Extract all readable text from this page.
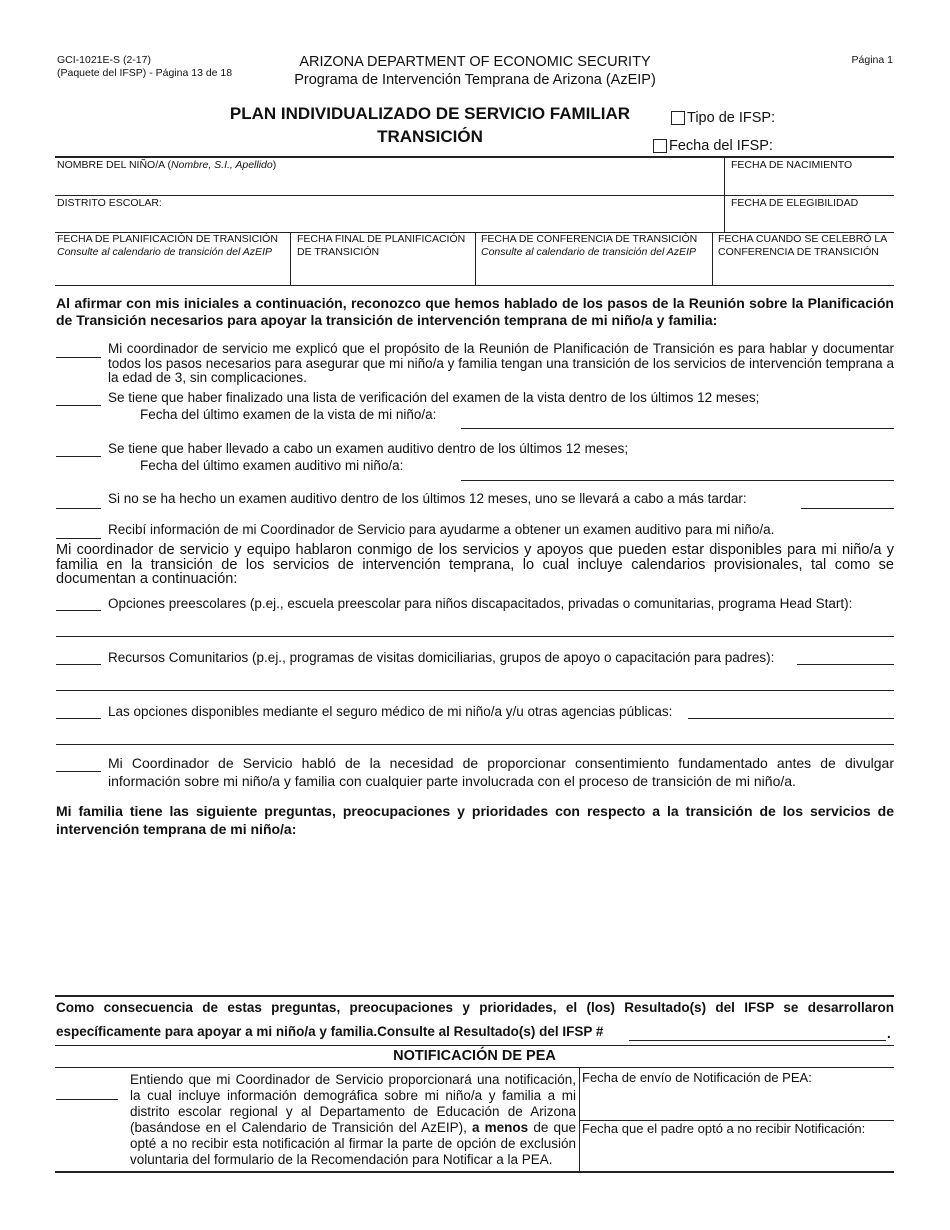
GCI-1021E-S (2-17)
(Paquete del IFSP) - Página 13 de 18
ARIZONA DEPARTMENT OF ECONOMIC SECURITY
Programa de Intervención Temprana de Arizona (AzEIP)
Página 1
PLAN INDIVIDUALIZADO DE SERVICIO FAMILIAR
TRANSICIÓN
Tipo de IFSP:
Fecha del IFSP:
NOMBRE DEL NIÑO/A (Nombre, S.I., Apellido)	FECHA DE NACIMIENTO
DISTRITO ESCOLAR:	FECHA DE ELEGIBILIDAD
FECHA DE PLANIFICACIÓN DE TRANSICIÓN
Consulte al calendario de transición del AzEIP
FECHA FINAL DE PLANIFICACIÓN DE TRANSICIÓN
FECHA DE CONFERENCIA DE TRANSICIÓN
Consulte al calendario de transición del AzEIP
FECHA CUANDO SE CELEBRÓ LA CONFERENCIA DE TRANSICIÓN
Al afirmar con mis iniciales a continuación, reconozco que hemos hablado de los pasos de la Reunión sobre la Planificación de Transición necesarios para apoyar la transición de intervención temprana de mi niño/a y familia:
Mi coordinador de servicio me explicó que el propósito de la Reunión de Planificación de Transición es para hablar y documentar todos los pasos necesarios para asegurar que mi niño/a y familia tengan una transición de los servicios de intervención temprana a la edad de 3, sin complicaciones.
Se tiene que haber finalizado una lista de verificación del examen de la vista dentro de los últimos 12 meses;
Fecha del último examen de la vista de mi niño/a:
Se tiene que haber llevado a cabo un examen auditivo dentro de los últimos 12 meses;
Fecha del último examen auditivo mi niño/a:
Si no se ha hecho un examen auditivo dentro de los últimos 12 meses, uno se llevará a cabo a más tardar:
Recibí información de mi Coordinador de Servicio para ayudarme a obtener un examen auditivo para mi niño/a.
Mi coordinador de servicio y equipo hablaron conmigo de los servicios y apoyos que pueden estar disponibles para mi niño/a y familia en la transición de los servicios de intervención temprana, lo cual incluye calendarios provisionales, tal como se documentan a continuación:
Opciones preescolares (p.ej., escuela preescolar para niños discapacitados, privadas o comunitarias, programa Head Start):
Recursos Comunitarios (p.ej., programas de visitas domiciliarias, grupos de apoyo o capacitación para padres):
Las opciones disponibles mediante el seguro médico de mi niño/a y/u otras agencias públicas:
Mi Coordinador de Servicio habló de la necesidad de proporcionar consentimiento fundamentado antes de divulgar información sobre mi niño/a y familia con cualquier parte involucrada con el proceso de transición de mi niño/a.
Mi familia tiene las siguiente preguntas, preocupaciones y prioridades con respecto a la transición de los servicios de intervención temprana de mi niño/a:
Como consecuencia de estas preguntas, preocupaciones y prioridades, el (los) Resultado(s) del IFSP se desarrollaron
específicamente para apoyar a mi niño/a y familia.Consulte al Resultado(s) del IFSP #	.
NOTIFICACIÓN DE PEA
Entiendo que mi Coordinador de Servicio proporcionará una notificación, la cual incluye información demográfica sobre mi niño/a y familia a mi distrito escolar regional y al Departamento de Educación de Arizona (basándose en el Calendario de Transición del AzEIP), a menos de que opté a no recibir esta notificación al firmar la parte de opción de exclusión voluntaria del formulario de la Recomendación para Notificar a la PEA.
Fecha de envío de Notificación de PEA:
Fecha que el padre optó a no recibir Notificación:
